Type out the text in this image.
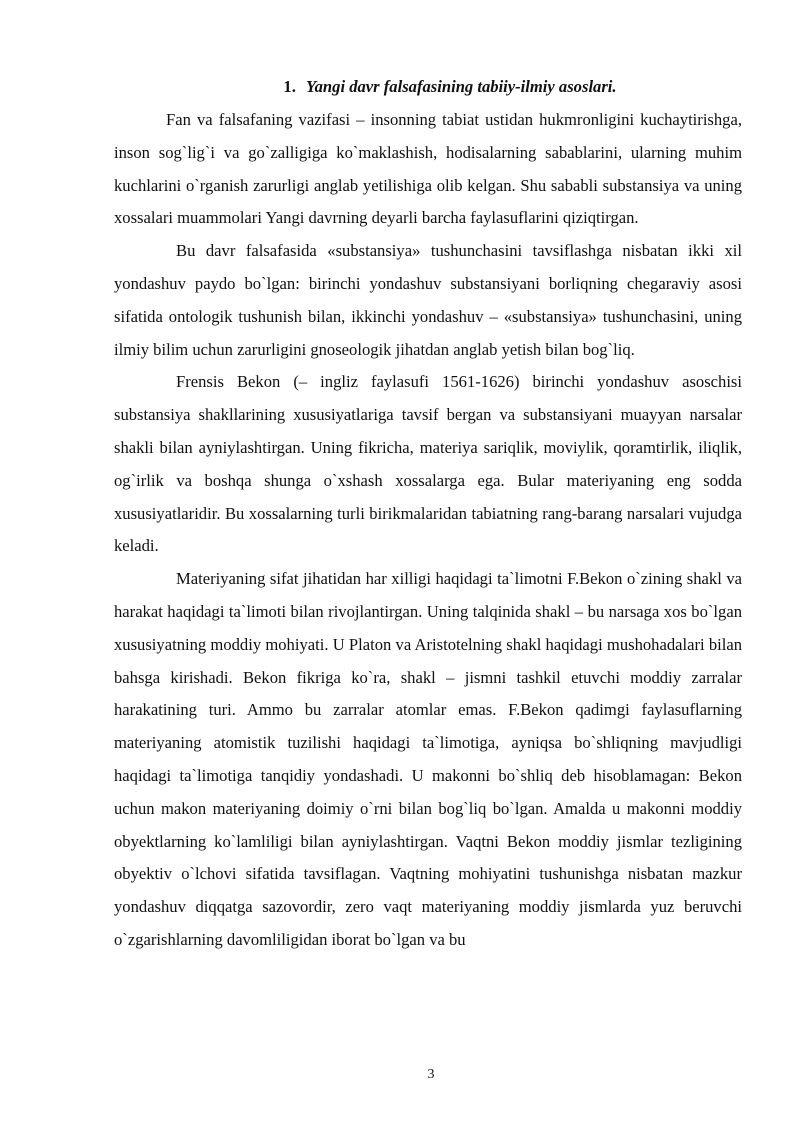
1. Yangi davr falsafasining tabiiy-ilmiy asoslari.

Fan va falsafaning vazifasi – insonning tabiat ustidan hukmronligini kuchaytirishga, inson sog`lig`i va go`zalligiga ko`maklashish, hodisalarning sabablarini, ularning muhim kuchlarini o`rganish zarurligi anglab yetilishiga olib kelgan. Shu sababli substansiya va uning xossalari muammolari Yangi davrning deyarli barcha faylasuflarini qiziqtirgan.

Bu davr falsafasida «substansiya» tushunchasini tavsiflashga nisbatan ikki xil yondashuv paydo bo`lgan: birinchi yondashuv substansiyani borliqning chegaraviy asosi sifatida ontologik tushunish bilan, ikkinchi yondashuv – «substansiya» tushunchasini, uning ilmiy bilim uchun zarurligini gnoseologik jihatdan anglab yetish bilan bog`liq.

Frensis Bekon (– ingliz faylasufi 1561-1626) birinchi yondashuv asoschisi substansiya shakllarining xususiyatlariga tavsif bergan va substansiyani muayyan narsalar shakli bilan ayniylashtirgan. Uning fikricha, materiya sariqlik, moviylik, qoramtirlik, iliqlik, og`irlik va boshqa shunga o`xshash xossalarga ega. Bular materiyaning eng sodda xususiyatlaridir. Bu xossalarning turli birikmalaridan tabiatning rang-barang narsalari vujudga keladi.

Materiyaning sifat jihatidan har xilligi haqidagi ta`limotni F.Bekon o`zining shakl va harakat haqidagi ta`limoti bilan rivojlantirgan. Uning talqinida shakl – bu narsaga xos bo`lgan xususiyatning moddiy mohiyati. U Platon va Aristotelning shakl haqidagi mushohadalari bilan bahsga kirishadi. Bekon fikriga ko`ra, shakl – jismni tashkil etuvchi moddiy zarralar harakatining turi. Ammo bu zarralar atomlar emas. F.Bekon qadimgi faylasuflarning materiyaning atomistik tuzilishi haqidagi ta`limotiga, ayniqsa bo`shliqning mavjudligi haqidagi ta`limotiga tanqidiy yondashadi. U makonni bo`shliq deb hisoblamagan: Bekon uchun makon materiyaning doimiy o`rni bilan bog`liq bo`lgan. Amalda u makonni moddiy obyektlarning ko`lamliligi bilan ayniylashtirgan. Vaqtni Bekon moddiy jismlar tezligining obyektiv o`lchovi sifatida tavsiflagan. Vaqtning mohiyatini tushunishga nisbatan mazkur yondashuv diqqatga sazovordir, zero vaqt materiyaning moddiy jismlarda yuz beruvchi o`zgarishlarning davomliligidan iborat bo`lgan va bu

3
